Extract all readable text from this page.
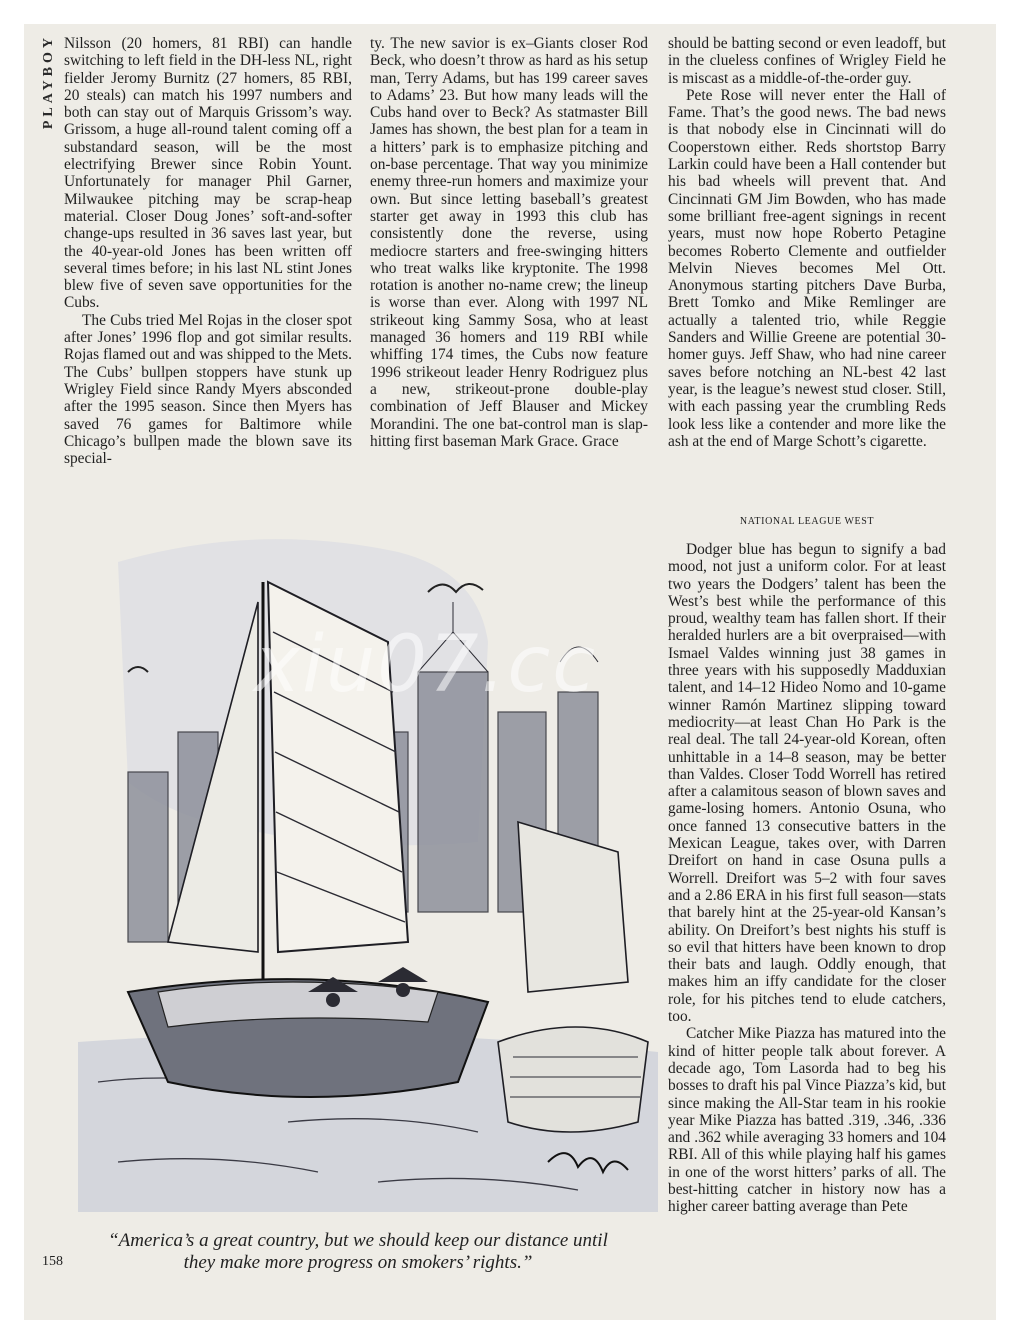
PLAYBOY Nilsson (20 homers, 81 RBI) can handle switching to left field in the DH-less NL, right fielder Jeromy Burnitz (27 homers, 85 RBI, 20 steals) can match his 1997 numbers and both can stay out of Marquis Grissom’s way. Grissom, a huge all-round talent coming off a substandard season, will be the most electrifying Brewer since Robin Yount. Unfortunately for manager Phil Garner, Milwaukee pitching may be scrap-heap material. Closer Doug Jones’ soft-and-softer change-ups resulted in 36 saves last year, but the 40-year-old Jones has been written off several times before; in his last NL stint Jones blew five of seven save opportunities for the Cubs.

The Cubs tried Mel Rojas in the closer spot after Jones’ 1996 flop and got similar results. Rojas flamed out and was shipped to the Mets. The Cubs’ bullpen stoppers have stunk up Wrigley Field since Randy Myers absconded after the 1995 season. Since then Myers has saved 76 games for Baltimore while Chicago’s bullpen made the blown save its special-

ty. The new savior is ex–Giants closer Rod Beck, who doesn’t throw as hard as his setup man, Terry Adams, but has 199 career saves to Adams’ 23. But how many leads will the Cubs hand over to Beck? As statmaster Bill James has shown, the best plan for a team in a hitters’ park is to emphasize pitching and on-base percentage. That way you minimize enemy three-run homers and maximize your own. But since letting baseball’s greatest starter get away in 1993 this club has consistently done the reverse, using mediocre starters and free-swinging hitters who treat walks like kryptonite. The 1998 rotation is another no-name crew; the lineup is worse than ever. Along with 1997 NL strikeout king Sammy Sosa, who at least managed 36 homers and 119 RBI while whiffing 174 times, the Cubs now feature 1996 strikeout leader Henry Rodriguez plus a new, strikeout-prone double-play combination of Jeff Blauser and Mickey Morandini. The one bat-control man is slap-hitting first baseman Mark Grace. Grace

should be batting second or even leadoff, but in the clueless confines of Wrigley Field he is miscast as a middle-of-the-order guy.

Pete Rose will never enter the Hall of Fame. That’s the good news. The bad news is that nobody else in Cincinnati will do Cooperstown either. Reds shortstop Barry Larkin could have been a Hall contender but his bad wheels will prevent that. And Cincinnati GM Jim Bowden, who has made some brilliant free-agent signings in recent years, must now hope Roberto Petagine becomes Roberto Clemente and outfielder Melvin Nieves becomes Mel Ott. Anonymous starting pitchers Dave Burba, Brett Tomko and Mike Remlinger are actually a talented trio, while Reggie Sanders and Willie Greene are potential 30-homer guys. Jeff Shaw, who had nine career saves before notching an NL-best 42 last year, is the league’s newest stud closer. Still, with each passing year the crumbling Reds look less like a contender and more like the ash at the end of Marge Schott’s cigarette.

NATIONAL LEAGUE WEST

Dodger blue has begun to signify a bad mood, not just a uniform color. For at least two years the Dodgers’ talent has been the West’s best while the performance of this proud, wealthy team has fallen short. If their heralded hurlers are a bit overpraised—with Ismael Valdes winning just 38 games in three years with his supposedly Madduxian talent, and 14–12 Hideo Nomo and 10-game winner Ramón Martinez slipping toward mediocrity—at least Chan Ho Park is the real deal. The tall 24-year-old Korean, often unhittable in a 14–8 season, may be better than Valdes. Closer Todd Worrell has retired after a calamitous season of blown saves and game-losing homers. Antonio Osuna, who once fanned 13 consecutive batters in the Mexican League, takes over, with Darren Dreifort on hand in case Osuna pulls a Worrell. Dreifort was 5–2 with four saves and a 2.86 ERA in his first full season—stats that barely hint at the 25-year-old Kansan’s ability. On Dreifort’s best nights his stuff is so evil that hitters have been known to drop their bats and laugh. Oddly enough, that makes him an iffy candidate for the closer role, for his pitches tend to elude catchers, too.

Catcher Mike Piazza has matured into the kind of hitter people talk about forever. A decade ago, Tom Lasorda had to beg his bosses to draft his pal Vince Piazza’s kid, but since making the All-Star team in his rookie year Mike Piazza has batted .319, .346, .336 and .362 while averaging 33 homers and 104 RBI. All of this while playing half his games in one of the worst hitters’ parks of all. The best-hitting catcher in history now has a higher career batting average than Pete

xiu07.cc
“America’s a great country, but we should keep our distance until
they make more progress on smokers’ rights.”
158
